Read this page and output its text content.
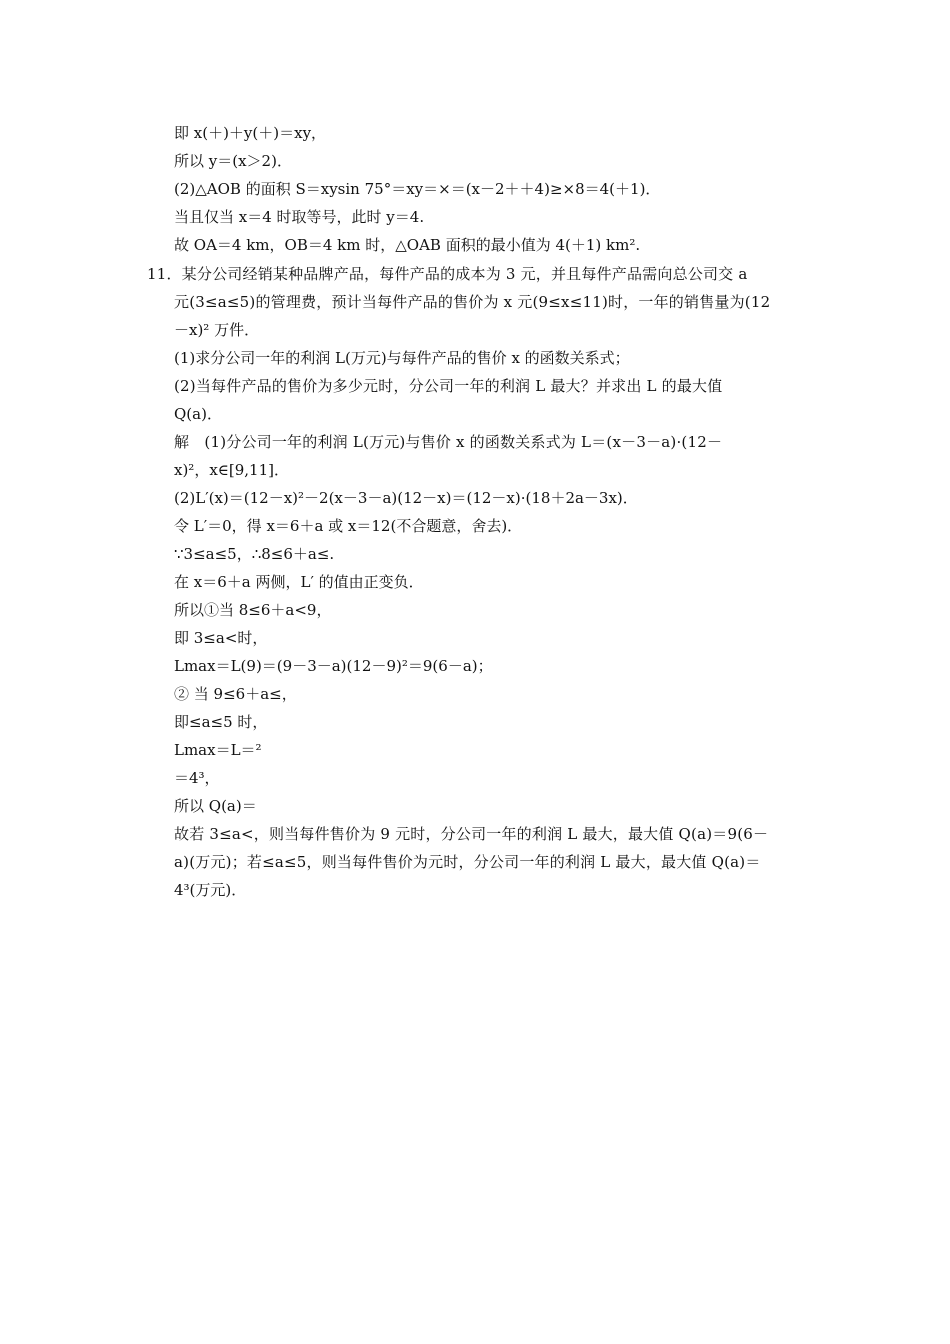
即 x(＋)＋y(＋)＝xy，
所以 y＝(x＞2)．
(2)△AOB 的面积 S＝xysin 75°＝xy＝×＝(x－2＋＋4)≥×8＝4(＋1)．
当且仅当 x＝4 时取等号，此时 y＝4.
故 OA＝4 km，OB＝4 km 时，△OAB 面积的最小值为 4(＋1) km².
11．某分公司经销某种品牌产品，每件产品的成本为 3 元，并且每件产品需向总公司交 a
元(3≤a≤5)的管理费，预计当每件产品的售价为 x 元(9≤x≤11)时，一年的销售量为(12
－x)² 万件．
(1)求分公司一年的利润 L(万元)与每件产品的售价 x 的函数关系式；
(2)当每件产品的售价为多少元时，分公司一年的利润 L 最大？并求出 L 的最大值
Q(a)．
解　(1)分公司一年的利润 L(万元)与售价 x 的函数关系式为 L＝(x－3－a)·(12－
x)²，x∈[9,11]．
(2)L′(x)＝(12－x)²－2(x－3－a)(12－x)＝(12－x)·(18＋2a－3x)．
令 L′＝0，得 x＝6＋a 或 x＝12(不合题意，舍去)．
∵3≤a≤5，∴8≤6＋a≤.
在 x＝6＋a 两侧，L′ 的值由正变负．
所以①当 8≤6＋a<9，
即 3≤a<时，
Lmax＝L(9)＝(9－3－a)(12－9)²＝9(6－a)；
② 当 9≤6＋a≤，
即≤a≤5 时，
Lmax＝L＝²
＝4³，
所以 Q(a)＝
故若 3≤a<，则当每件售价为 9 元时，分公司一年的利润 L 最大，最大值 Q(a)＝9(6－
a)(万元)；若≤a≤5，则当每件售价为元时，分公司一年的利润 L 最大，最大值 Q(a)＝
4³(万元)．
